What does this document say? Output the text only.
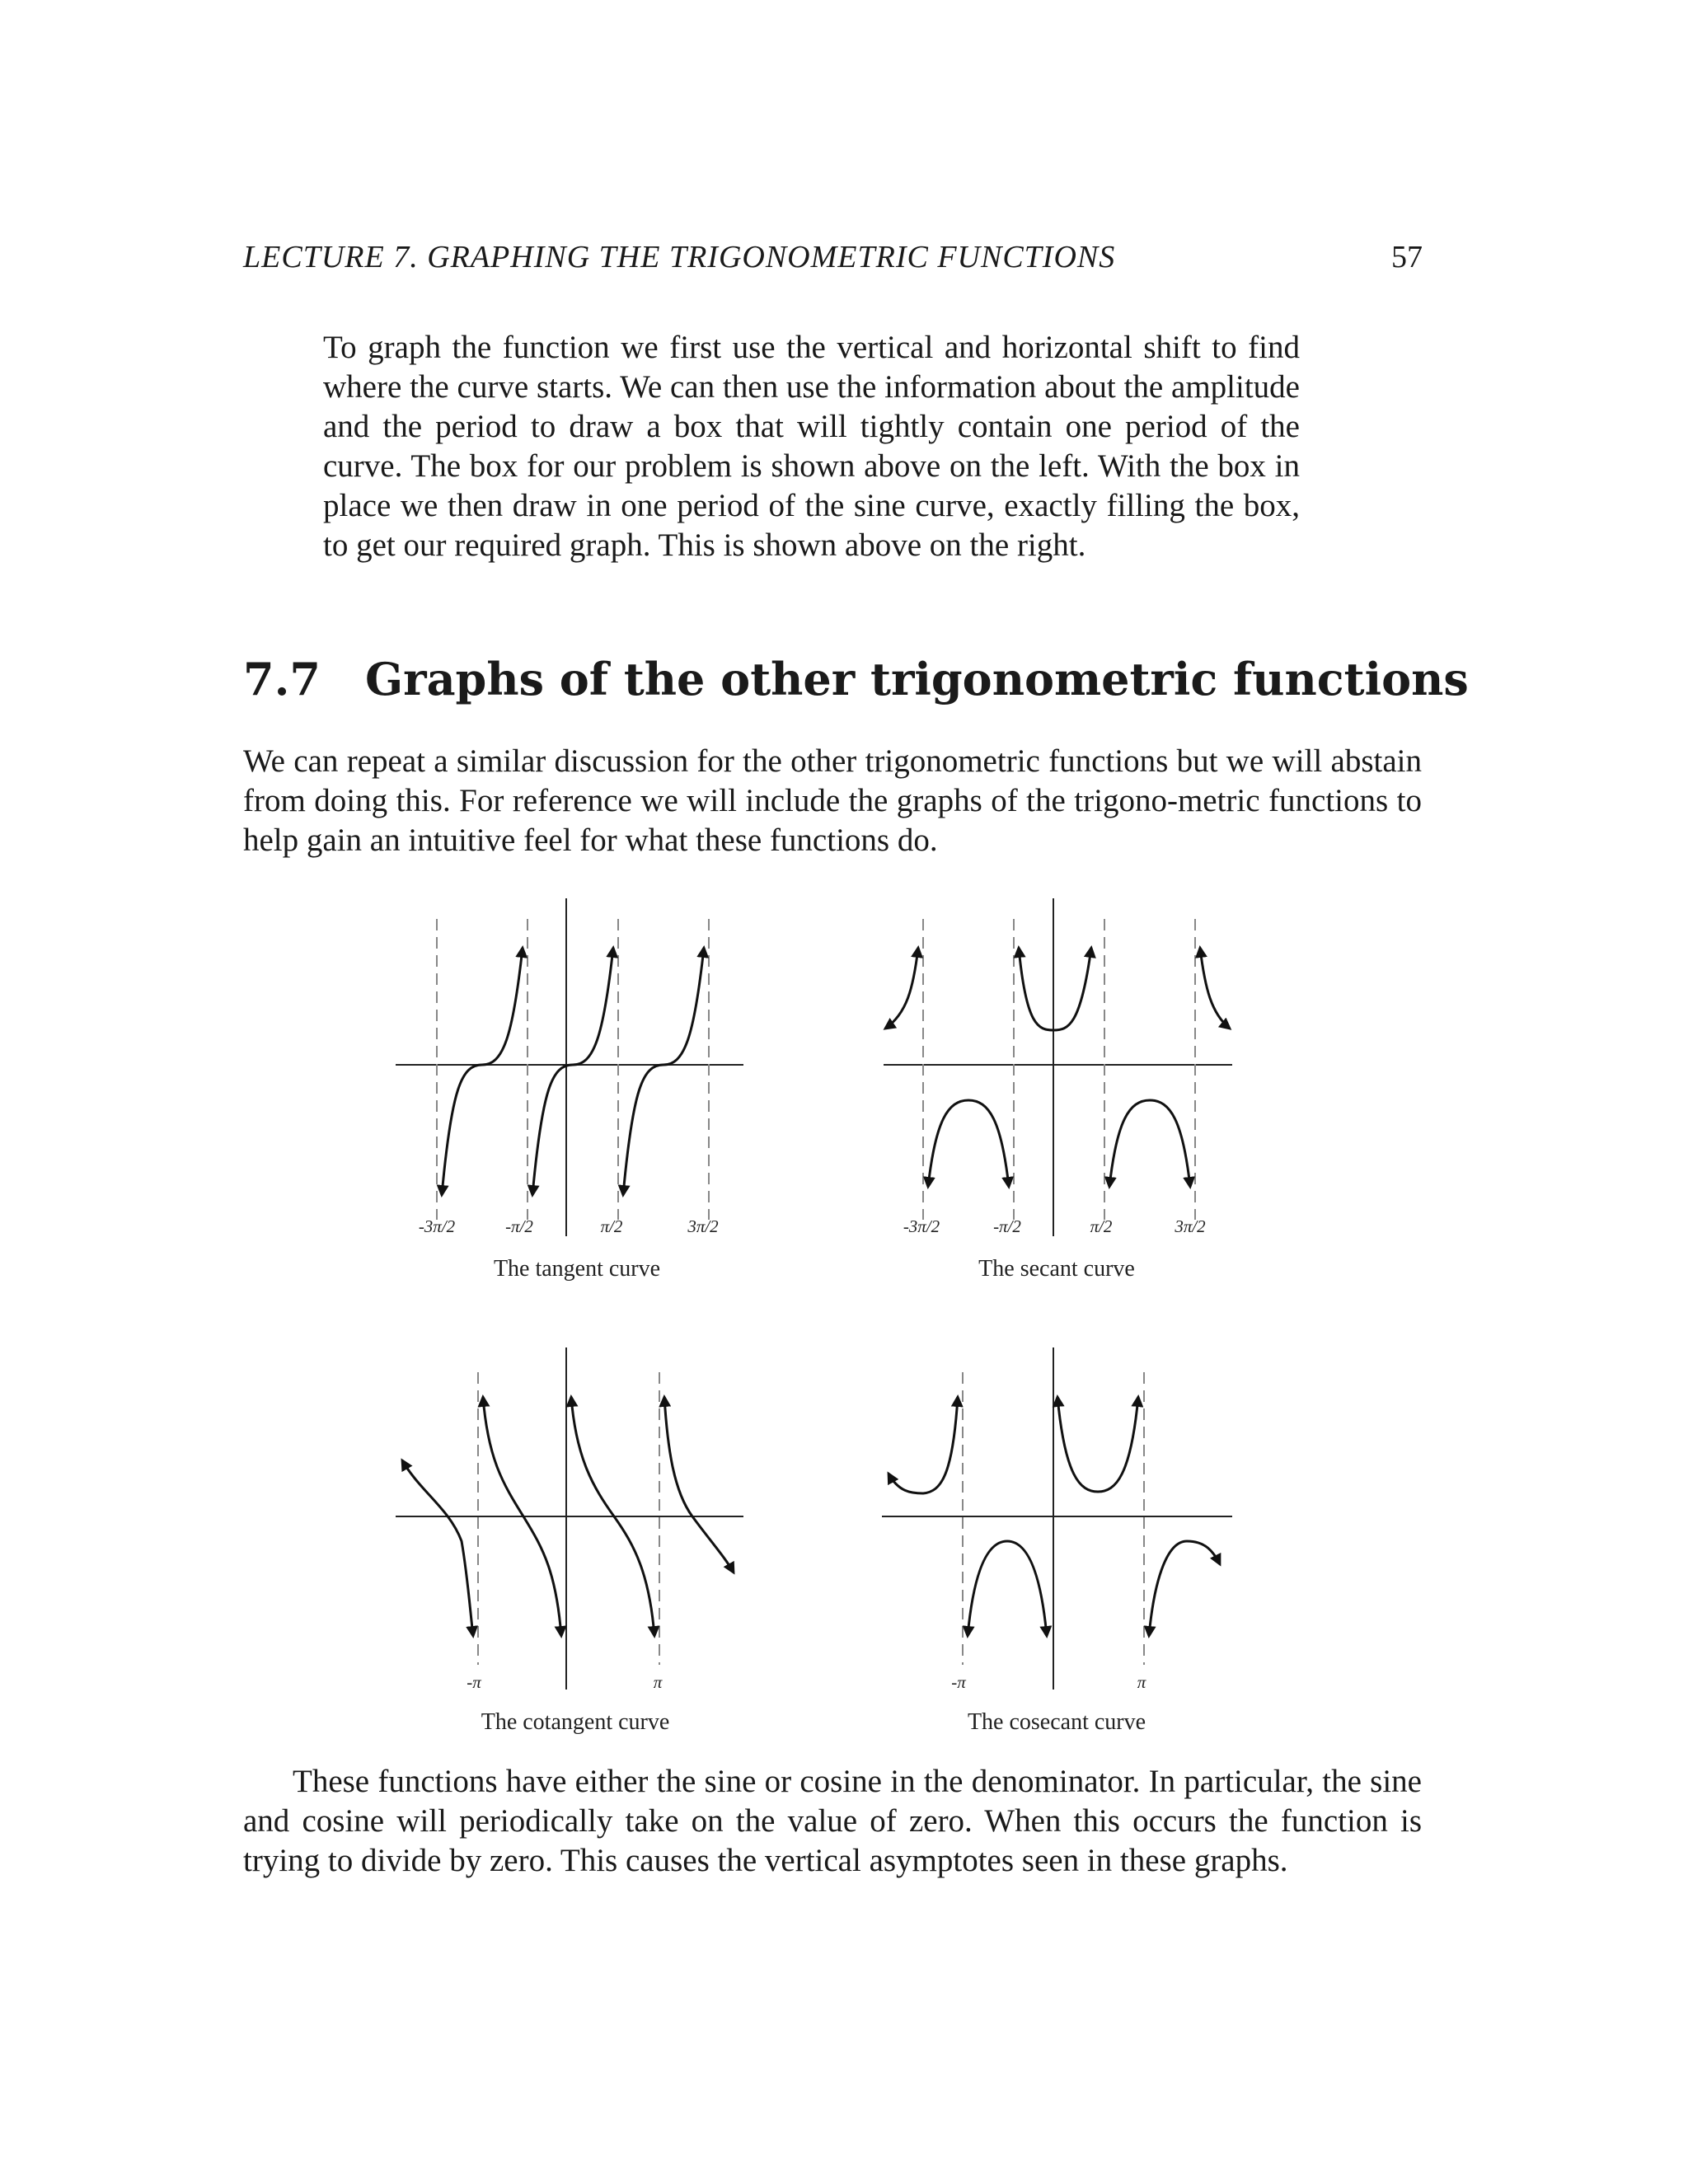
LECTURE 7. GRAPHING THE TRIGONOMETRIC FUNCTIONS	57

To graph the function we first use the vertical and horizontal shift to find where the curve starts. We can then use the information about the amplitude and the period to draw a box that will tightly contain one period of the curve. The box for our problem is shown above on the left. With the box in place we then draw in one period of the sine curve, exactly filling the box, to get our required graph. This is shown above on the right.

7.7 Graphs of the other trigonometric functions

We can repeat a similar discussion for the other trigonometric functions but we will abstain from doing this. For reference we will include the graphs of the trigono-metric functions to help gain an intuitive feel for what these functions do.

-3π/2	-π/2	π/2	3π/2
The tangent curve
-3π/2	-π/2	π/2	3π/2
The secant curve
-π	π
The cotangent curve
-π	π
The cosecant curve

These functions have either the sine or cosine in the denominator. In particular, the sine and cosine will periodically take on the value of zero. When this occurs the function is trying to divide by zero. This causes the vertical asymptotes seen in these graphs.
